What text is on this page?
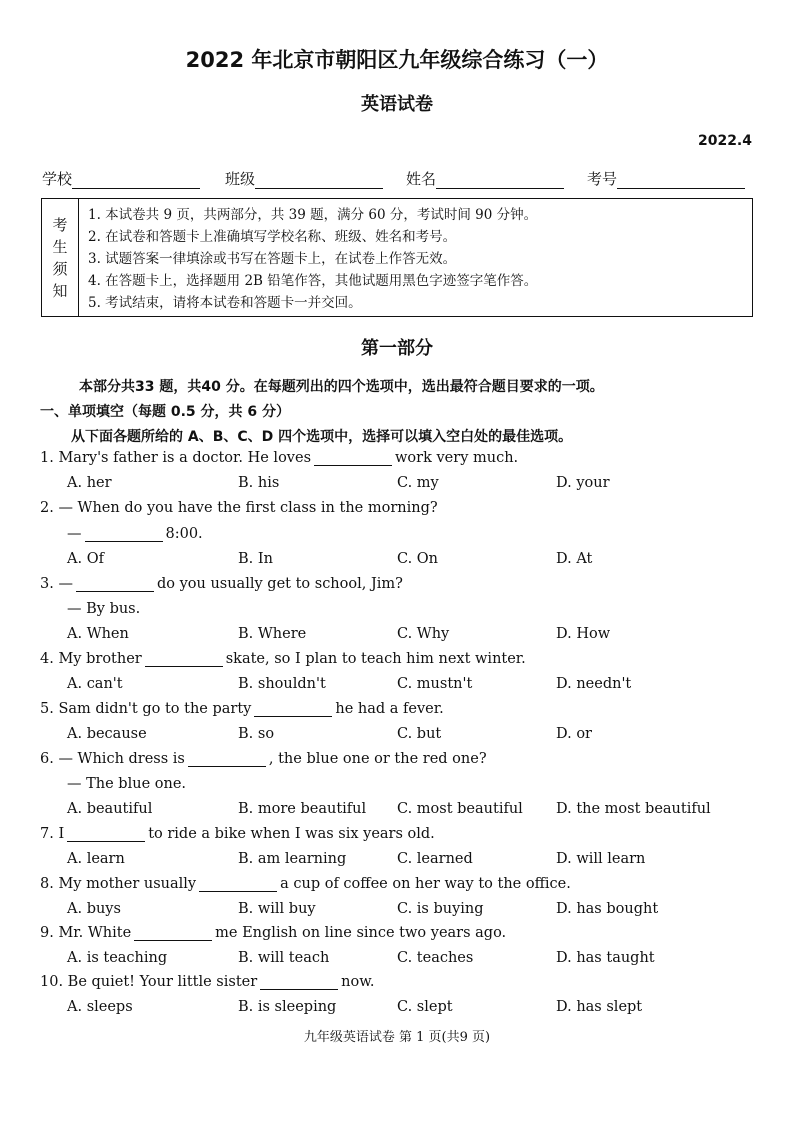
2022 年北京市朝阳区九年级综合练习（一）
英语试卷
2022.4
学校	班级	姓名	考号
考
生
须
知
1. 本试卷共 9 页，共两部分，共 39 题，满分 60 分，考试时间 90 分钟。
2. 在试卷和答题卡上准确填写学校名称、班级、姓名和考号。
3. 试题答案一律填涂或书写在答题卡上，在试卷上作答无效。
4. 在答题卡上，选择题用 2B 铅笔作答，其他试题用黑色字迹签字笔作答。
5. 考试结束，请将本试卷和答题卡一并交回。
第一部分
本部分共33 题，共40 分。在每题列出的四个选项中，选出最符合题目要求的一项。
一、单项填空（每题 0.5 分，共 6 分）
从下面各题所给的 A、B、C、D 四个选项中，选择可以填入空白处的最佳选项。
1. Mary's father is a doctor. He loves	work very much.
A. her	B. his	C. my	D. your
2. — When do you have the first class in the morning?
—	8:00.
A. Of	B. In	C. On	D. At
3. —	do you usually get to school, Jim?
— By bus.
A. When	B. Where	C. Why	D. How
4. My brother	skate, so I plan to teach him next winter.
A. can't	B. shouldn't	C. mustn't	D. needn't
5. Sam didn't go to the party	he had a fever.
A. because	B. so	C. but	D. or
6. — Which dress is	, the blue one or the red one?
— The blue one.
A. beautiful	B. more beautiful C. most beautiful D. the most beautiful
7. I	to ride a bike when I was six years old.
A. learn	B. am learning	C. learned	D. will learn
8. My mother usually	a cup of coffee on her way to the office.
A. buys	B. will buy	C. is buying	D. has bought
9. Mr. White	me English on line since two years ago.
A. is teaching	B. will teach	C. teaches	D. has taught
10. Be quiet! Your little sister	now.
A. sleeps	B. is sleeping	C. slept	D. has slept
九年级英语试卷 第 1 页(共9 页)
